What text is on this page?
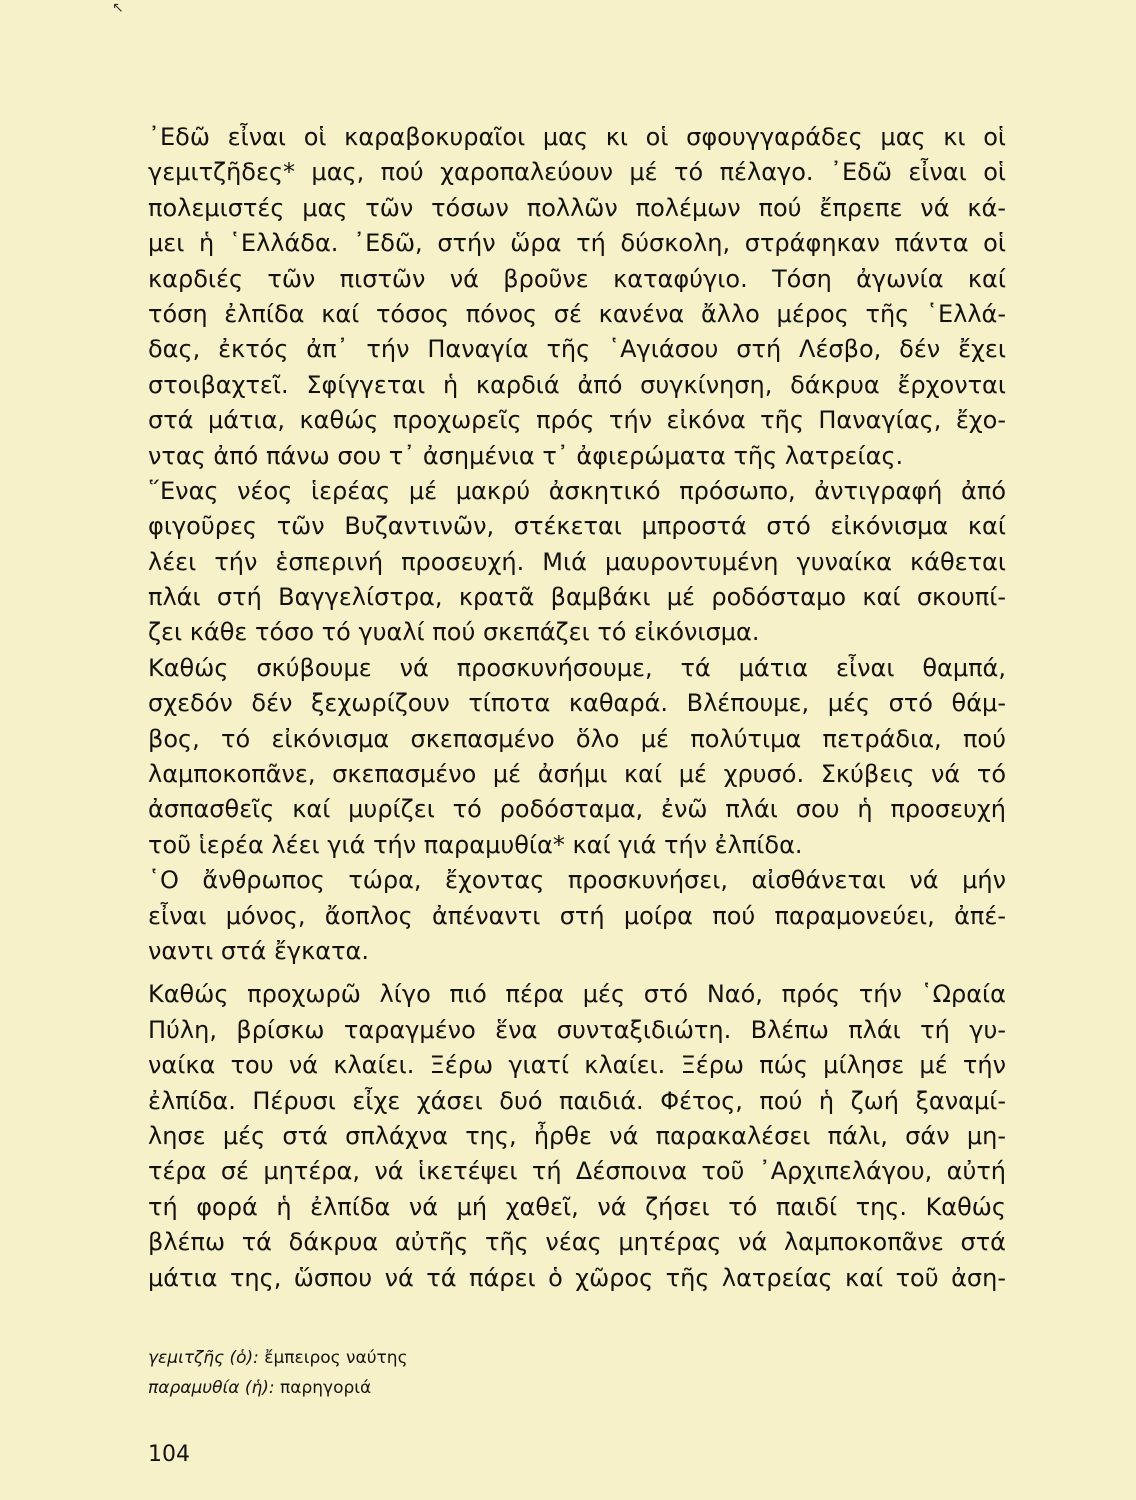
↖
᾿Εδῶ εἶναι οἱ καραβοκυραῖοι μας κι οἱ σφουγγαράδες μας κι οἱ
γεμιτζῆδες* μας, πού χαροπαλεύουν μέ τό πέλαγο. ᾿Εδῶ εἶναι οἱ
πολεμιστές μας τῶν τόσων πολλῶν πολέμων πού ἔπρεπε νά κά-
μει ἡ ῾Ελλάδα. ᾿Εδῶ, στήν ὥρα τή δύσκολη, στράφηκαν πάντα οἱ
καρδιές τῶν πιστῶν νά βροῦνε καταφύγιο. Τόση ἀγωνία καί
τόση ἐλπίδα καί τόσος πόνος σέ κανένα ἄλλο μέρος τῆς ῾Ελλά-
δας, ἐκτός ἀπ᾿ τήν Παναγία τῆς ῾Αγιάσου στή Λέσβο, δέν ἔχει
στοιβαχτεῖ. Σφίγγεται ἡ καρδιά ἀπό συγκίνηση, δάκρυα ἔρχονται
στά μάτια, καθώς προχωρεῖς πρός τήν εἰκόνα τῆς Παναγίας, ἔχο-
ντας ἀπό πάνω σου τ᾿ ἀσημένια τ᾿ ἀφιερώματα τῆς λατρείας.
῞Ενας νέος ἱερέας μέ μακρύ ἀσκητικό πρόσωπο, ἀντιγραφή ἀπό
φιγοῦρες τῶν Βυζαντινῶν, στέκεται μπροστά στό εἰκόνισμα καί
λέει τήν ἑσπερινή προσευχή. Μιά μαυροντυμένη γυναίκα κάθεται
πλάι στή Βαγγελίστρα, κρατᾶ βαμβάκι μέ ροδόσταμο καί σκουπί-
ζει κάθε τόσο τό γυαλί πού σκεπάζει τό εἰκόνισμα.
Καθώς σκύβουμε νά προσκυνήσουμε, τά μάτια εἶναι θαμπά,
σχεδόν δέν ξεχωρίζουν τίποτα καθαρά. Βλέπουμε, μές στό θάμ-
βος, τό εἰκόνισμα σκεπασμένο ὅλο μέ πολύτιμα πετράδια, πού
λαμποκοπᾶνε, σκεπασμένο μέ ἀσήμι καί μέ χρυσό. Σκύβεις νά τό
ἀσπασθεῖς καί μυρίζει τό ροδόσταμα, ἐνῶ πλάι σου ἡ προσευχή
τοῦ ἱερέα λέει γιά τήν παραμυθία* καί γιά τήν ἐλπίδα.
῾Ο ἄνθρωπος τώρα, ἔχοντας προσκυνήσει, αἰσθάνεται νά μήν
εἶναι μόνος, ἄοπλος ἀπέναντι στή μοίρα πού παραμονεύει, ἀπέ-
ναντι στά ἔγκατα.
Καθώς προχωρῶ λίγο πιό πέρα μές στό Ναό, πρός τήν ῾Ωραία
Πύλη, βρίσκω ταραγμένο ἕνα συνταξιδιώτη. Βλέπω πλάι τή γυ-
ναίκα του νά κλαίει. Ξέρω γιατί κλαίει. Ξέρω πώς μίλησε μέ τήν
ἐλπίδα. Πέρυσι εἶχε χάσει δυό παιδιά. Φέτος, πού ἡ ζωή ξαναμί-
λησε μές στά σπλάχνα της, ἦρθε νά παρακαλέσει πάλι, σάν μη-
τέρα σέ μητέρα, νά ἱκετέψει τή Δέσποινα τοῦ ᾿Αρχιπελάγου, αὐτή
τή φορά ἡ ἐλπίδα νά μή χαθεῖ, νά ζήσει τό παιδί της. Καθώς
βλέπω τά δάκρυα αὐτῆς τῆς νέας μητέρας νά λαμποκοπᾶνε στά
μάτια της, ὥσπου νά τά πάρει ὁ χῶρος τῆς λατρείας καί τοῦ ἀση-
γεμιτζῆς (ὁ): ἔμπειρος ναύτης
παραμυθία (ἡ): παρηγοριά
104
